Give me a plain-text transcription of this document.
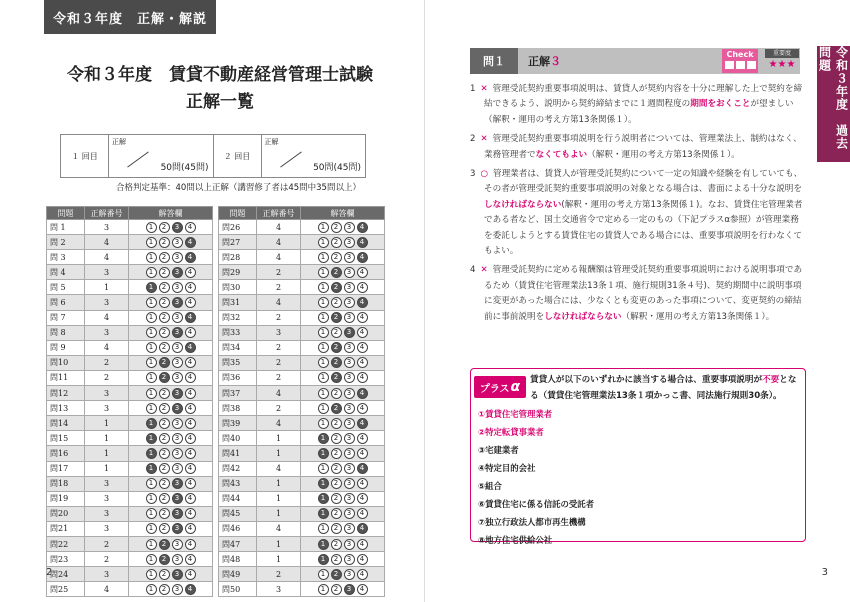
令和３年度　正解・解説
令和３年度　賃貸不動産経営管理士試験
正解一覧
１ 回目
正解
50問(45問)
２ 回目
正解
50問(45問)
合格判定基準：40問以上正解（講習修了者は45問中35問以上）
問題	正解番号	解答欄
問 1	3	1 2 3 4
問 2	4	1 2 3 4
問 3	4	1 2 3 4
問 4	3	1 2 3 4
問 5	1	1 2 3 4
問 6	3	1 2 3 4
問 7	4	1 2 3 4
問 8	3	1 2 3 4
問 9	4	1 2 3 4
問10	2	1 2 3 4
問11	2	1 2 3 4
問12	3	1 2 3 4
問13	3	1 2 3 4
問14	1	1 2 3 4
問15	1	1 2 3 4
問16	1	1 2 3 4
問17	1	1 2 3 4
問18	3	1 2 3 4
問19	3	1 2 3 4
問20	3	1 2 3 4
問21	3	1 2 3 4
問22	2	1 2 3 4
問23	2	1 2 3 4
問24	3	1 2 3 4
問25	4	1 2 3 4
問題	正解番号	解答欄
問26	4	1 2 3 4
問27	4	1 2 3 4
問28	4	1 2 3 4
問29	2	1 2 3 4
問30	2	1 2 3 4
問31	4	1 2 3 4
問32	2	1 2 3 4
問33	3	1 2 3 4
問34	2	1 2 3 4
問35	2	1 2 3 4
問36	2	1 2 3 4
問37	4	1 2 3 4
問38	2	1 2 3 4
問39	4	1 2 3 4
問40	1	1 2 3 4
問41	1	1 2 3 4
問42	4	1 2 3 4
問43	1	1 2 3 4
問44	1	1 2 3 4
問45	1	1 2 3 4
問46	4	1 2 3 4
問47	1	1 2 3 4
問48	1	1 2 3 4
問49	2	1 2 3 4
問50	3	1 2 3 4
2	3
令和３年度　過去問題
問１	正解３
Check	重要度
★★★

1 ✕ 管理受託契約重要事項説明は、賃貸人が契約内容を十分に理解した上で契約を締結できるよう、説明から契約締結までに１週間程度の期間をおくことが望ましい（解釈・運用の考え方第13条関係１）。

2 ✕ 管理受託契約重要事項説明を行う説明者については、管理業法上、制約はなく、業務管理者でなくてもよい（解釈・運用の考え方第13条関係１）。

3 ○ 管理業者は、賃貸人が管理受託契約について一定の知識や経験を有していても、その者が管理受託契約重要事項説明の対象となる場合は、書面による十分な説明をしなければならない(解釈・運用の考え方第13条関係１)。なお、賃貸住宅管理業者である者など、国土交通省令で定める一定のもの（下記プラスα参照）が管理業務を委託しようとする賃貸住宅の賃貸人である場合には、重要事項説明を行わなくてもよい。

4 ✕ 管理受託契約に定める報酬額は管理受託契約重要事項説明における説明事項であるため（賃貸住宅管理業法13条１項、施行規則31条４号)、契約期間中に説明事項に変更があった場合には、少なくとも変更のあった事項について、変更契約の締結前に事前説明をしなければならない（解釈・運用の考え方第13条関係１）。

プラス α 賃貸人が以下のいずれかに該当する場合は、重要事項説明が不要となる（賃貸住宅管理業法13条１項かっこ書、同法施行規則30条）。
①賃貸住宅管理業者
②特定転貸事業者
③宅建業者
④特定目的会社
⑤組合
⑥賃貸住宅に係る信託の受託者
⑦独立行政法人都市再生機構
⑧地方住宅供給公社
